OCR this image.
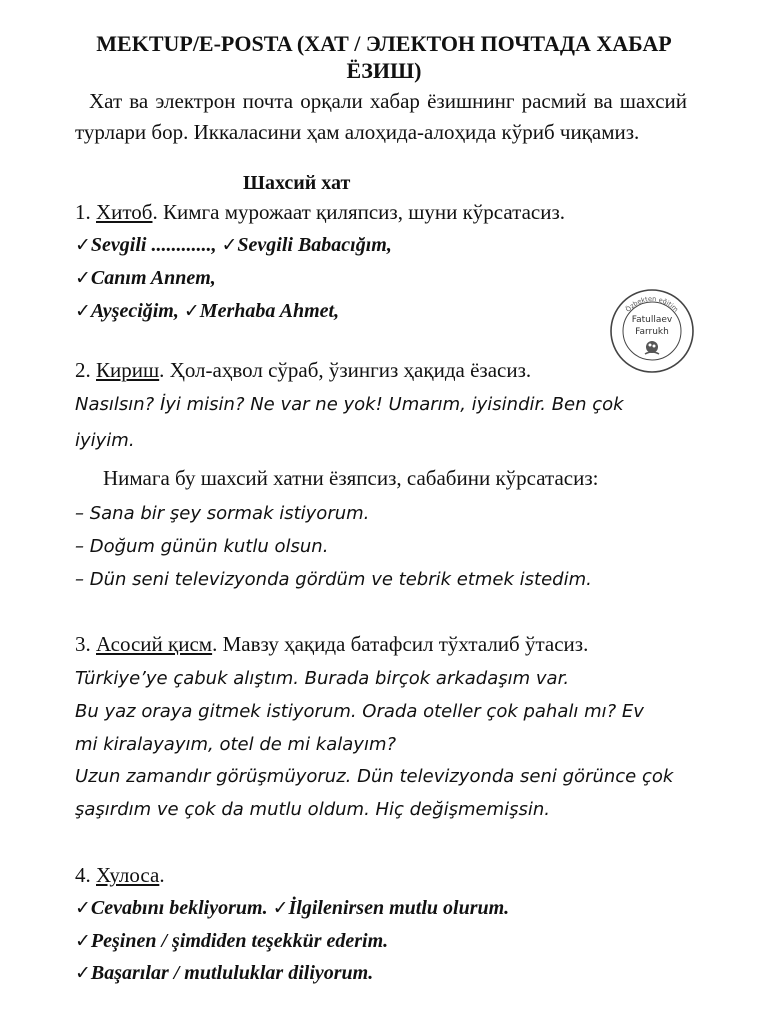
MEKTUP/E-POSTA (ХАТ / ЭЛЕКТОН ПОЧТАДА ХАБАР ЁЗИШ)
Хат ва электрон почта орқали хабар ёзишнинг расмий ва шахсий турлари бор. Иккаласини ҳам алоҳида-алоҳида кўриб чиқамиз.
Шахсий хат
1. Хитоб. Кимга мурожаат қиляпсиз, шуни кўрсатасиз.
✓Sevgili ............, ✓Sevgili Babacığım,
✓Canım Annem,
✓Ayşeciğim, ✓Merhaba Ahmet,	Özbekten eğitim
Fatullaev
Farrukh
2. Кириш. Ҳол-аҳвол сўраб, ўзингиз ҳақида ёзасиз.
Nasılsın? İyi misin? Ne var ne yok! Umarım, iyisindir. Ben çok
iyiyim.
Нимага бу шахсий хатни ёзяпсиз, сабабини кўрсатасиз:
– Sana bir şey sormak istiyorum.
– Doğum günün kutlu olsun.
– Dün seni televizyonda gördüm ve tebrik etmek istedim.
3. Асосий қисм. Мавзу ҳақида батафсил тўхталиб ўтасиз.
Türkiye’ye çabuk alıştım. Burada birçok arkadaşım var.
Bu yaz oraya gitmek istiyorum. Orada oteller çok pahalı mı? Ev
mi kiralayayım, otel de mi kalayım?
Uzun zamandır görüşmüyoruz. Dün televizyonda seni görünce çok
şaşırdım ve çok da mutlu oldum. Hiç değişmemişsin.
4. Хулоса.
✓Cevabını bekliyorum. ✓İlgilenirsen mutlu olurum.
✓Peşinen / şimdiden teşekkür ederim.
✓Başarılar / mutluluklar diliyorum.
